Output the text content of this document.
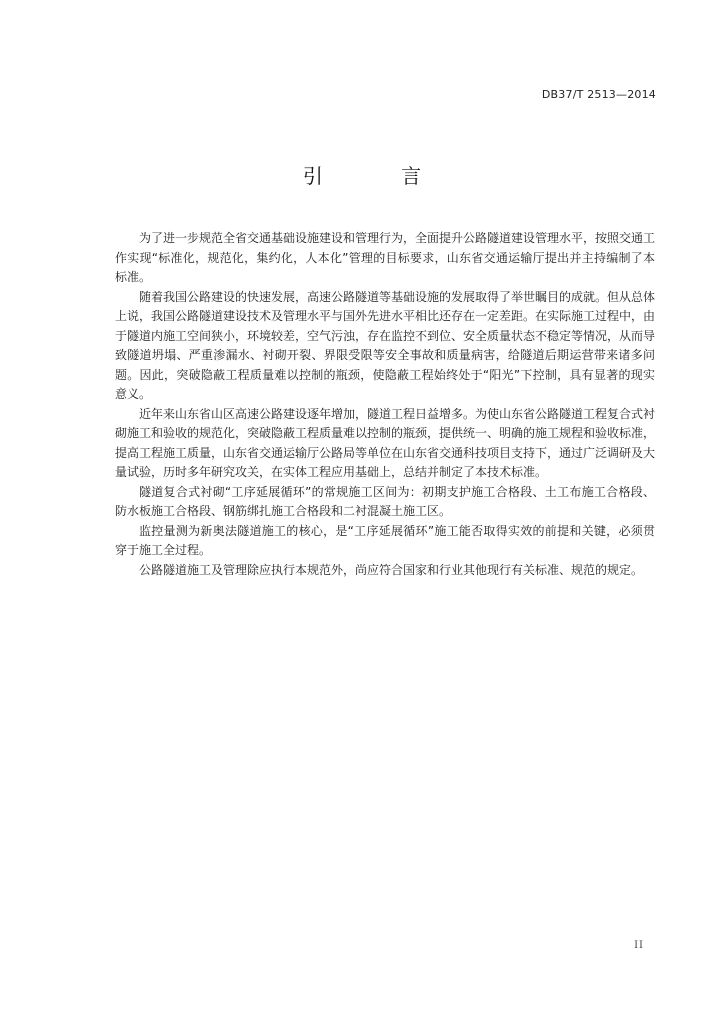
DB37/T 2513—2014
引 言

为了进一步规范全省交通基础设施建设和管理行为，全面提升公路隧道建设管理水平，按照交通工作实现“标准化，规范化，集约化，人本化”管理的目标要求，山东省交通运输厅提出并主持编制了本标准。

随着我国公路建设的快速发展，高速公路隧道等基础设施的发展取得了举世瞩目的成就。但从总体上说，我国公路隧道建设技术及管理水平与国外先进水平相比还存在一定差距。在实际施工过程中，由于隧道内施工空间狭小，环境较差，空气污浊，存在监控不到位、安全质量状态不稳定等情况，从而导致隧道坍塌、严重渗漏水、衬砌开裂、界限受限等安全事故和质量病害，给隧道后期运营带来诸多问题。因此，突破隐蔽工程质量难以控制的瓶颈，使隐蔽工程始终处于“阳光”下控制，具有显著的现实意义。

近年来山东省山区高速公路建设逐年增加，隧道工程日益增多。为使山东省公路隧道工程复合式衬砌施工和验收的规范化，突破隐蔽工程质量难以控制的瓶颈，提供统一、明确的施工规程和验收标准，提高工程施工质量，山东省交通运输厅公路局等单位在山东省交通科技项目支持下，通过广泛调研及大量试验，历时多年研究攻关，在实体工程应用基础上，总结并制定了本技术标准。

隧道复合式衬砌“工序延展循环”的常规施工区间为：初期支护施工合格段、土工布施工合格段、防水板施工合格段、钢筋绑扎施工合格段和二衬混凝土施工区。

监控量测为新奥法隧道施工的核心，是“工序延展循环”施工能否取得实效的前提和关键，必须贯穿于施工全过程。

公路隧道施工及管理除应执行本规范外，尚应符合国家和行业其他现行有关标准、规范的规定。

II
